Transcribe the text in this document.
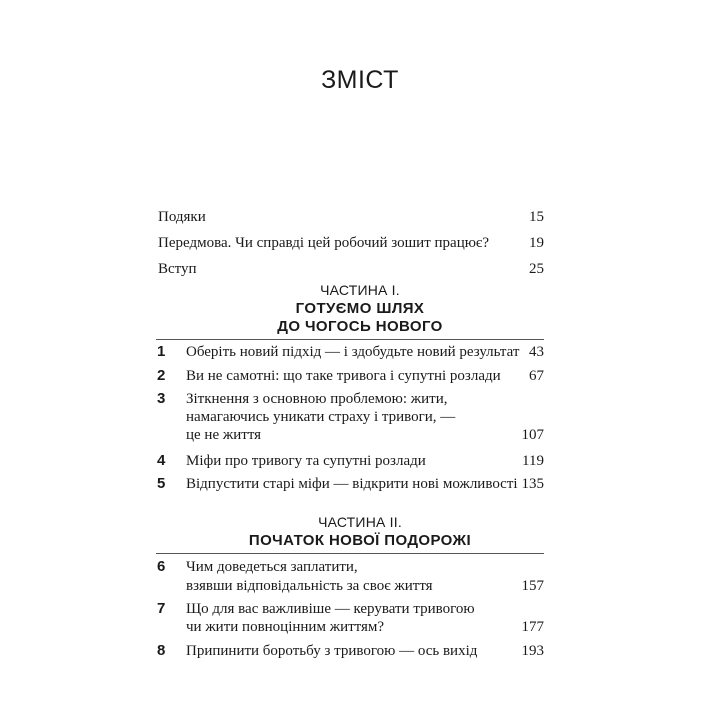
ЗМІСТ
Подяки	15
Передмова. Чи справді цей робочий зошит працює?	19
Вступ	25
ЧАСТИНА І.
ГОТУЄМО ШЛЯХ
ДО ЧОГОСЬ НОВОГО
1 Оберіть новий підхід — і здобудьте новий результат 43
2 Ви не самотні: що таке тривога і супутні розлади 67
3 Зіткнення з основною проблемою: жити,
намагаючись уникати страху і тривоги, —
це не життя	107
4 Міфи про тривогу та супутні розлади	119
5 Відпустити старі міфи — відкрити нові можливості 135
ЧАСТИНА ІІ.
ПОЧАТОК НОВОЇ ПОДОРОЖІ
6 Чим доведеться заплатити,
взявши відповідальність за своє життя	157
7 Що для вас важливіше — керувати тривогою
чи жити повноцінним життям?	177
8 Припинити боротьбу з тривогою — ось вихід	193
